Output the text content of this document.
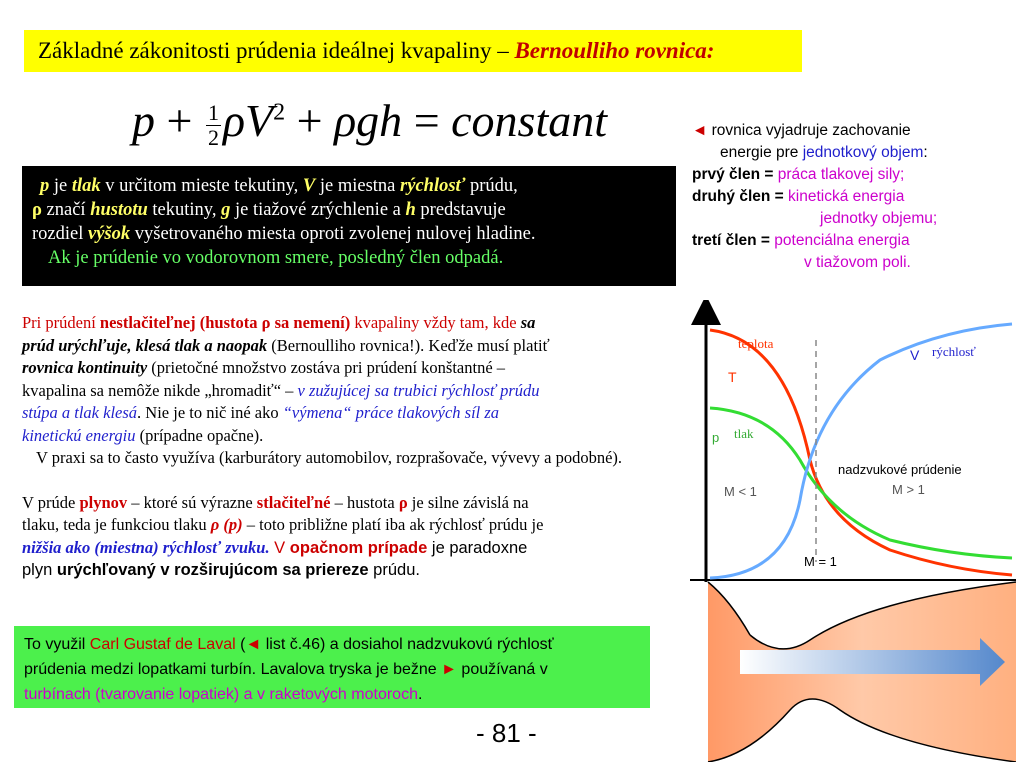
Základné zákonitosti prúdenia ideálnej kvapaliny – Bernoulliho rovnica:
$p + \frac{1}{2} \rho V^2 + \rho gh$ = constant
p je tlak v určitom mieste tekutiny, V je miestna rýchlosť prúdu,
ρ značí hustotu tekutiny, g je tiažové zrýchlenie a h predstavuje
rozdiel výšok vyšetrovaného miesta oproti zvolenej nulovej hladine.
Ak je prúdenie vo vodorovnom smere, posledný člen odpadá.
◄ rovnica vyjadruje zachovanie
energie pre jednotkový objem:
prvý člen = práca tlakovej sily;
druhý člen = kinetická energia
jednotky objemu;
tretí člen = potenciálna energia
v tiažovom poli.
Pri prúdení nestlačiteľnej (hustota ρ sa nemení) kvapaliny vždy tam, kde sa
prúd urýchľuje, klesá tlak a naopak (Bernoulliho rovnica!). Keďže musí platiť
rovnica kontinuity (prietočné množstvo zostáva pri prúdení konštantné –
kvapalina sa nemôže nikde „hromadiť“ – v zužujúcej sa trubici rýchlosť prúdu
stúpa a tlak klesá. Nie je to nič iné ako “výmena“ práce tlakových síl za
kinetickú energiu (prípadne opačne).
V praxi sa to často využíva (karburátory automobilov, rozprašovače, vývevy a podobné).
V prúde plynov – ktoré sú výrazne stlačiteľné – hustota ρ je silne závislá na
tlaku, teda je funkciou tlaku ρ (p) – toto približne platí iba ak rýchlosť prúdu je
nižšia ako (miestna) rýchlosť zvuku. V opačnom prípade je paradoxne
plyn urýchľovaný v rozširujúcom sa priereze prúdu.
To využil Carl Gustaf de Laval (◄ list č.46) a dosiahol nadzvukovú rýchlosť
prúdenia medzi lopatkami turbín. Lavalova tryska je bežne ► používaná v
turbínach (tvarovanie lopatiek) a v raketových motoroch.
- 81 -
teplota
T
p tlak
V rýchlosť
nadzvukové prúdenie
M < 1	M > 1
M = 1
